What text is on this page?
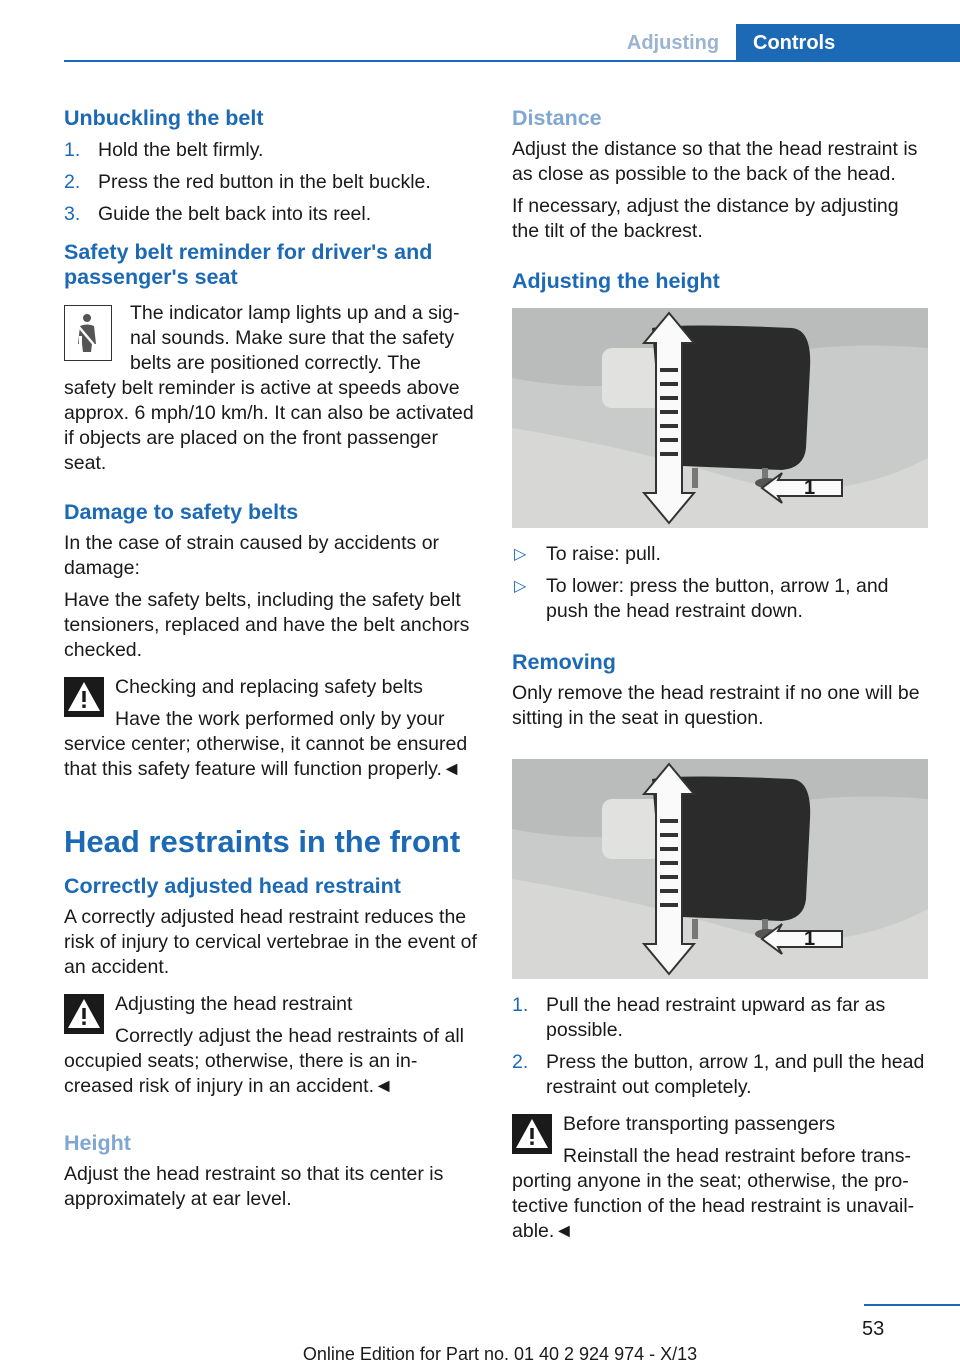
Adjusting	Controls
Unbuckling the belt
1. Hold the belt firmly.
2. Press the red button in the belt buckle.
3. Guide the belt back into its reel.
Safety belt reminder for driver's and passenger's seat
The indicator lamp lights up and a sig-
nal sounds. Make sure that the safety
belts are positioned correctly. The
safety belt reminder is active at speeds above
approx. 6 mph/10 km/h. It can also be activated
if objects are placed on the front passenger
seat.
Damage to safety belts
In the case of strain caused by accidents or damage:
Have the safety belts, including the safety belt tensioners, replaced and have the belt anchors checked.
Checking and replacing safety belts
Have the work performed only by your
service center; otherwise, it cannot be ensured that this safety feature will function properly.◄
Head restraints in the front
Correctly adjusted head restraint
A correctly adjusted head restraint reduces the risk of injury to cervical vertebrae in the event of an accident.
Adjusting the head restraint
Correctly adjust the head restraints of all
occupied seats; otherwise, there is an in-creased risk of injury in an accident.◄
Height
Adjust the head restraint so that its center is approximately at ear level.
Distance
Adjust the distance so that the head restraint is as close as possible to the back of the head.
If necessary, adjust the distance by adjusting the tilt of the backrest.
Adjusting the height
1
▷ To raise: pull.
▷ To lower: press the button, arrow 1, and push the head restraint down.
Removing
Only remove the head restraint if no one will be sitting in the seat in question.
1
1. Pull the head restraint upward as far as possible.
2. Press the button, arrow 1, and pull the head restraint out completely.
Before transporting passengers
Reinstall the head restraint before trans-
porting anyone in the seat; otherwise, the pro-tective function of the head restraint is unavail-able.◄
53
Online Edition for Part no. 01 40 2 924 974 - X/13
